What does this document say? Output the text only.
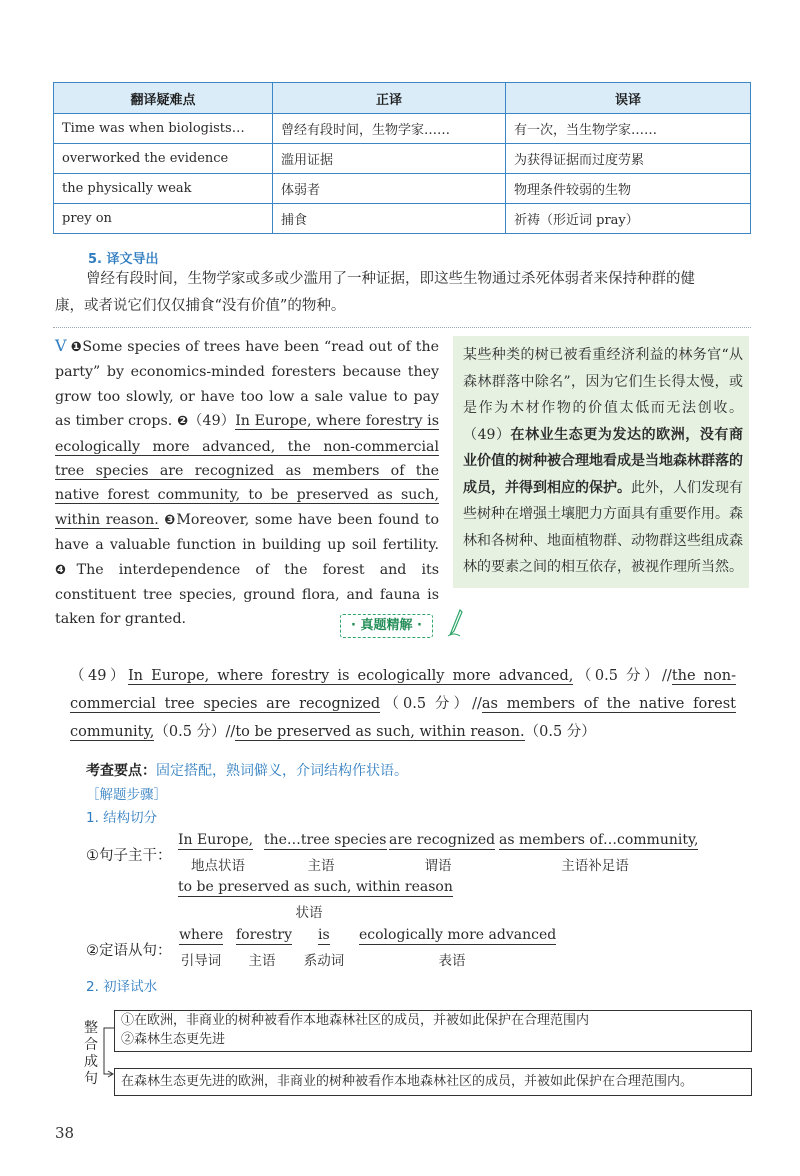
翻译疑难点	正译	误译
Time was when biologists…	曾经有段时间，生物学家……	有一次，当生物学家……
overworked the evidence	滥用证据	为获得证据而过度劳累
the physically weak	体弱者	物理条件较弱的生物
prey on	捕食	祈祷（形近词 pray）
5. 译文导出
曾经有段时间，生物学家或多或少滥用了一种证据，即这些生物通过杀死体弱者来保持种群的健
康，或者说它们仅仅捕食“没有价值”的物种。
V ❶Some species of trees have been “read out of the party” by economics-minded foresters because they grow too slowly, or have too low a sale value to pay as timber crops. ❷（49）In Europe, where forestry is ecologically more advanced, the non-commercial tree species are recognized as members of the native forest community, to be preserved as such, within reason. ❸Moreover, some have been found to have a valuable function in building up soil fertility. ❹The interdependence of the forest and its constituent tree species, ground flora, and fauna is taken for granted.
某些种类的树已被看重经济利益的林务官“从森林群落中除名”，因为它们生长得太慢，或是作为木材作物的价值太低而无法创收。（49）在林业生态更为发达的欧洲，没有商业价值的树种被合理地看成是当地森林群落的成员，并得到相应的保护。此外，人们发现有些树种在增强土壤肥力方面具有重要作用。森林和各树种、地面植物群、动物群这些组成森林的要素之间的相互依存，被视作理所当然。
· 真题精解 ·
（49）In Europe, where forestry is ecologically more advanced,（0.5 分）//the non-commercial tree species are recognized（0.5 分）//as members of the native forest community,（0.5 分）//to be preserved as such, within reason.（0.5 分）
考查要点：固定搭配，熟词僻义，介词结构作状语。
［解题步骤］
1. 结构切分
①句子主干：
In Europe,
地点状语
the…tree species
主语
are recognized
谓语
as members of…community,
主语补足语
to be preserved as such, within reason
状语
②定语从句：
where
引导词
forestry
主语
is
系动词
ecologically more advanced
表语
2. 初译试水
①在欧洲，非商业的树种被看作本地森林社区的成员，并被如此保护在合理范围内
②森林生态更先进
整合成句	在森林生态更先进的欧洲，非商业的树种被看作本地森林社区的成员，并被如此保护在合理范围内。
38
